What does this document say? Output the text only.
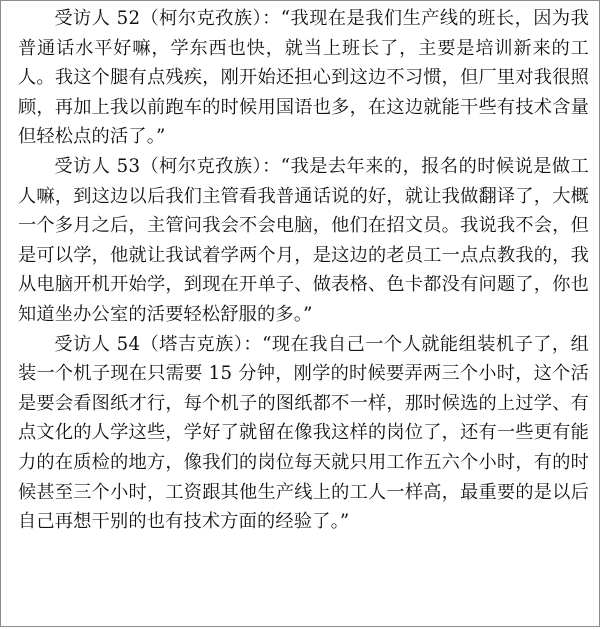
受访人 52（柯尔克孜族）：“我现在是我们生产线的班长，因为我普通话水平好嘛，学东西也快，就当上班长了，主要是培训新来的工人。我这个腿有点残疾，刚开始还担心到这边不习惯，但厂里对我很照顾，再加上我以前跑车的时候用国语也多，在这边就能干些有技术含量但轻松点的活了。”

受访人 53（柯尔克孜族）：“我是去年来的，报名的时候说是做工人嘛，到这边以后我们主管看我普通话说的好，就让我做翻译了，大概一个多月之后，主管问我会不会电脑，他们在招文员。我说我不会，但是可以学，他就让我试着学两个月，是这边的老员工一点点教我的，我从电脑开机开始学，到现在开单子、做表格、色卡都没有问题了，你也知道坐办公室的活要轻松舒服的多。”

受访人 54（塔吉克族）：“现在我自己一个人就能组装机子了，组装一个机子现在只需要 15 分钟，刚学的时候要弄两三个小时，这个活是要会看图纸才行，每个机子的图纸都不一样，那时候选的上过学、有点文化的人学这些，学好了就留在像我这样的岗位了，还有一些更有能力的在质检的地方，像我们的岗位每天就只用工作五六个小时，有的时候甚至三个小时，工资跟其他生产线上的工人一样高，最重要的是以后自己再想干别的也有技术方面的经验了。”
